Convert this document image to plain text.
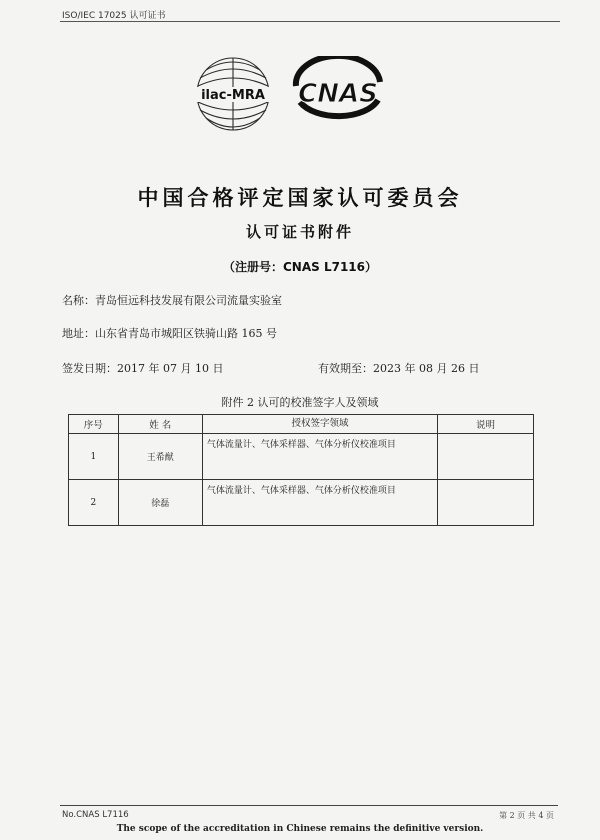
ISO/IEC 17025 认可证书
ilac-MRA CNAS
中国合格评定国家认可委员会
认可证书附件
（注册号：CNAS L7116）
名称：青岛恒远科技发展有限公司流量实验室
地址：山东省青岛市城阳区铁骑山路 165 号
签发日期：2017 年 07 月 10 日	有效期至：2023 年 08 月 26 日
附件 2 认可的校准签字人及领域
序号	姓 名	授权签字领域	说明
1	王希猷	气体流量计、气体采样器、气体分析仪校准项目	
2	徐磊	气体流量计、气体采样器、气体分析仪校准项目	
No.CNAS L7116	第 2 页 共 4 页
The scope of the accreditation in Chinese remains the definitive version.
